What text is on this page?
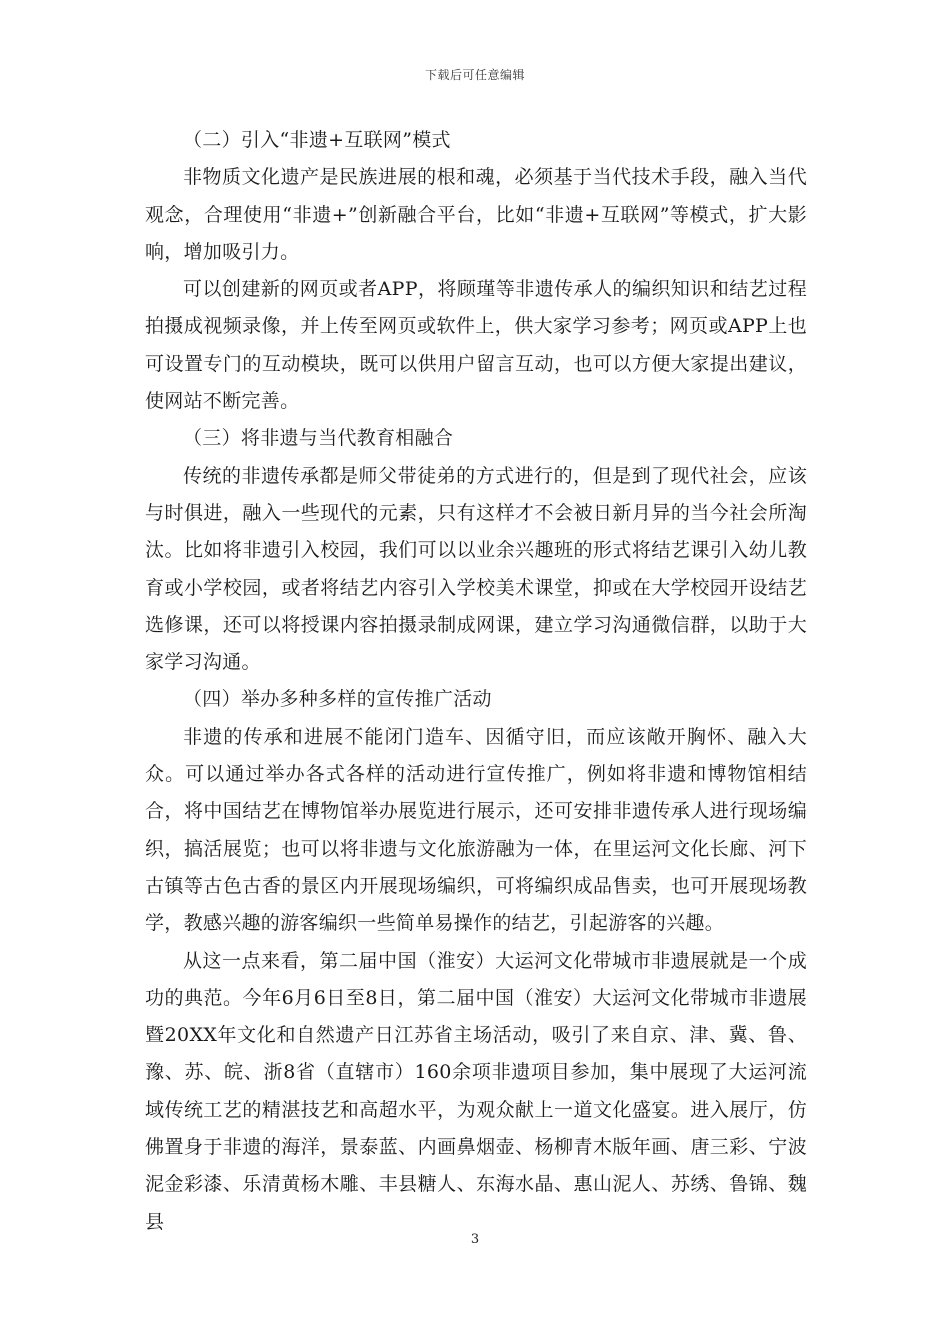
下载后可任意编辑

（二）引入“非遗+互联网”模式

非物质文化遗产是民族进展的根和魂，必须基于当代技术手段，融入当代观念，合理使用“非遗+”创新融合平台，比如“非遗+互联网”等模式，扩大影响，增加吸引力。

可以创建新的网页或者APP，将顾瑾等非遗传承人的编织知识和结艺过程拍摄成视频录像，并上传至网页或软件上，供大家学习参考；网页或APP上也可设置专门的互动模块，既可以供用户留言互动，也可以方便大家提出建议，使网站不断完善。

（三）将非遗与当代教育相融合

传统的非遗传承都是师父带徒弟的方式进行的，但是到了现代社会，应该与时俱进，融入一些现代的元素，只有这样才不会被日新月异的当今社会所淘汰。比如将非遗引入校园，我们可以以业余兴趣班的形式将结艺课引入幼儿教育或小学校园，或者将结艺内容引入学校美术课堂，抑或在大学校园开设结艺选修课，还可以将授课内容拍摄录制成网课，建立学习沟通微信群，以助于大家学习沟通。

（四）举办多种多样的宣传推广活动

非遗的传承和进展不能闭门造车、因循守旧，而应该敞开胸怀、融入大众。可以通过举办各式各样的活动进行宣传推广，例如将非遗和博物馆相结合，将中国结艺在博物馆举办展览进行展示，还可安排非遗传承人进行现场编织，搞活展览；也可以将非遗与文化旅游融为一体，在里运河文化长廊、河下古镇等古色古香的景区内开展现场编织，可将编织成品售卖，也可开展现场教学，教感兴趣的游客编织一些简单易操作的结艺，引起游客的兴趣。

从这一点来看，第二届中国（淮安）大运河文化带城市非遗展就是一个成功的典范。今年6月6日至8日，第二届中国（淮安）大运河文化带城市非遗展暨20XX年文化和自然遗产日江苏省主场活动，吸引了来自京、津、冀、鲁、豫、苏、皖、浙8省（直辖市）160余项非遗项目参加，集中展现了大运河流域传统工艺的精湛技艺和高超水平，为观众献上一道文化盛宴。进入展厅，仿佛置身于非遗的海洋，景泰蓝、内画鼻烟壶、杨柳青木版年画、唐三彩、宁波泥金彩漆、乐清黄杨木雕、丰县糖人、东海水晶、惠山泥人、苏绣、鲁锦、魏县

3
